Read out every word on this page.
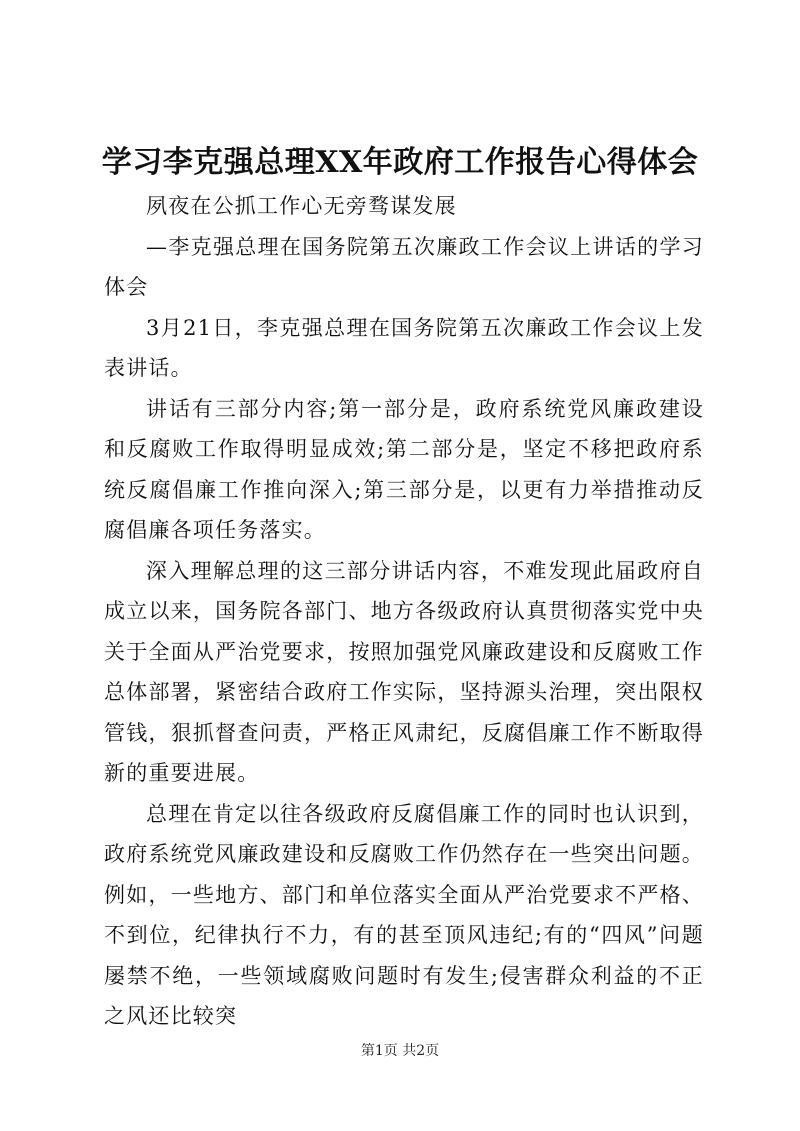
学习李克强总理XX年政府工作报告心得体会

夙夜在公抓工作心无旁骛谋发展

—李克强总理在国务院第五次廉政工作会议上讲话的学习体会

3月21日，李克强总理在国务院第五次廉政工作会议上发表讲话。

讲话有三部分内容;第一部分是，政府系统党风廉政建设和反腐败工作取得明显成效;第二部分是，坚定不移把政府系统反腐倡廉工作推向深入;第三部分是，以更有力举措推动反腐倡廉各项任务落实。

深入理解总理的这三部分讲话内容，不难发现此届政府自成立以来，国务院各部门、地方各级政府认真贯彻落实党中央关于全面从严治党要求，按照加强党风廉政建设和反腐败工作总体部署，紧密结合政府工作实际，坚持源头治理，突出限权管钱，狠抓督查问责，严格正风肃纪，反腐倡廉工作不断取得新的重要进展。

总理在肯定以往各级政府反腐倡廉工作的同时也认识到，政府系统党风廉政建设和反腐败工作仍然存在一些突出问题。例如，一些地方、部门和单位落实全面从严治党要求不严格、不到位，纪律执行不力，有的甚至顶风违纪;有的“四风”问题屡禁不绝，一些领域腐败问题时有发生;侵害群众利益的不正之风还比较突

第1页 共2页
